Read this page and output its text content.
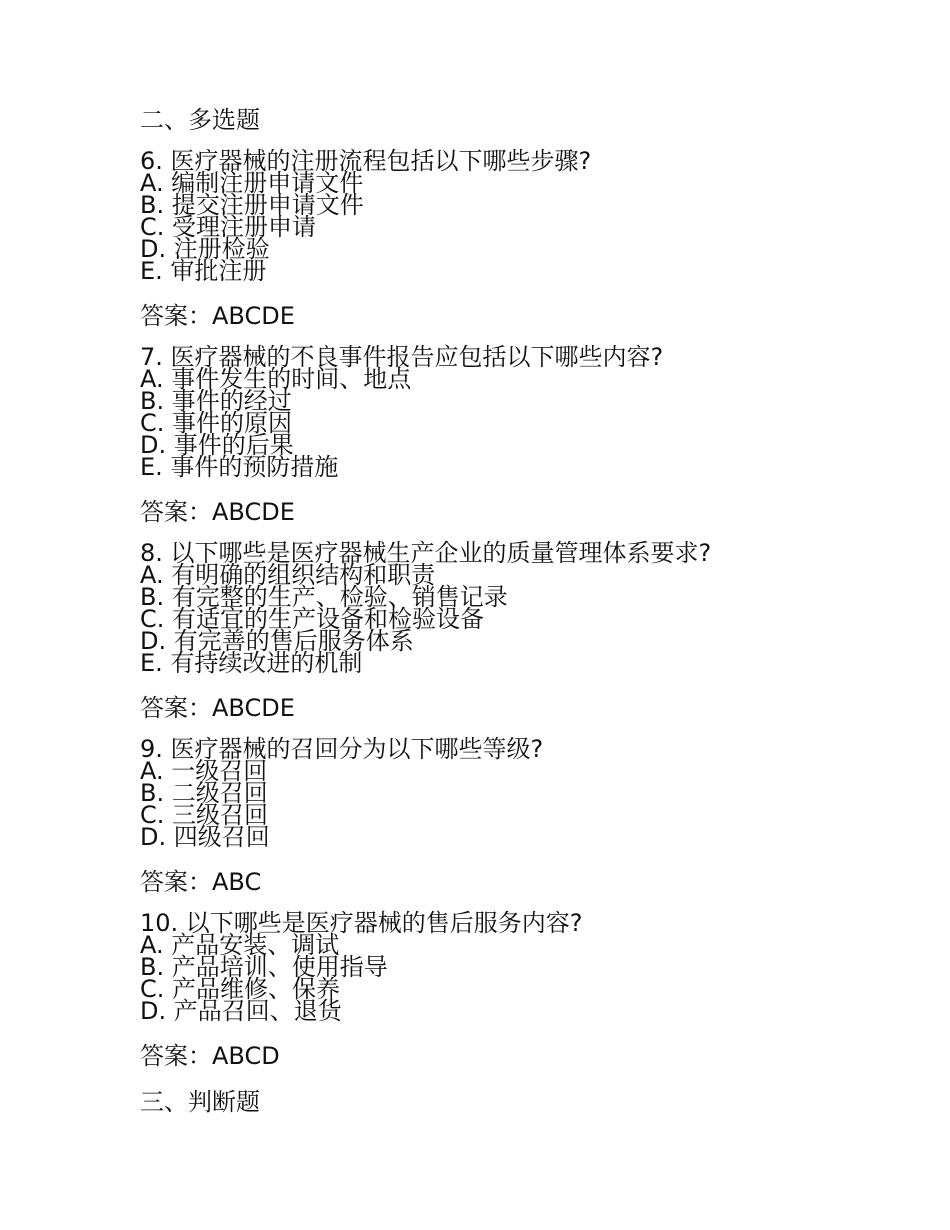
二、多选题
6. 医疗器械的注册流程包括以下哪些步骤?
A. 编制注册申请文件
B. 提交注册申请文件
C. 受理注册申请
D. 注册检验
E. 审批注册
答案：ABCDE
7. 医疗器械的不良事件报告应包括以下哪些内容?
A. 事件发生的时间、地点
B. 事件的经过
C. 事件的原因
D. 事件的后果
E. 事件的预防措施
答案：ABCDE
8. 以下哪些是医疗器械生产企业的质量管理体系要求?
A. 有明确的组织结构和职责
B. 有完整的生产、检验、销售记录
C. 有适宜的生产设备和检验设备
D. 有完善的售后服务体系
E. 有持续改进的机制
答案：ABCDE
9. 医疗器械的召回分为以下哪些等级?
A. 一级召回
B. 二级召回
C. 三级召回
D. 四级召回
答案：ABC
10. 以下哪些是医疗器械的售后服务内容?
A. 产品安装、调试
B. 产品培训、使用指导
C. 产品维修、保养
D. 产品召回、退货
答案：ABCD
三、判断题
